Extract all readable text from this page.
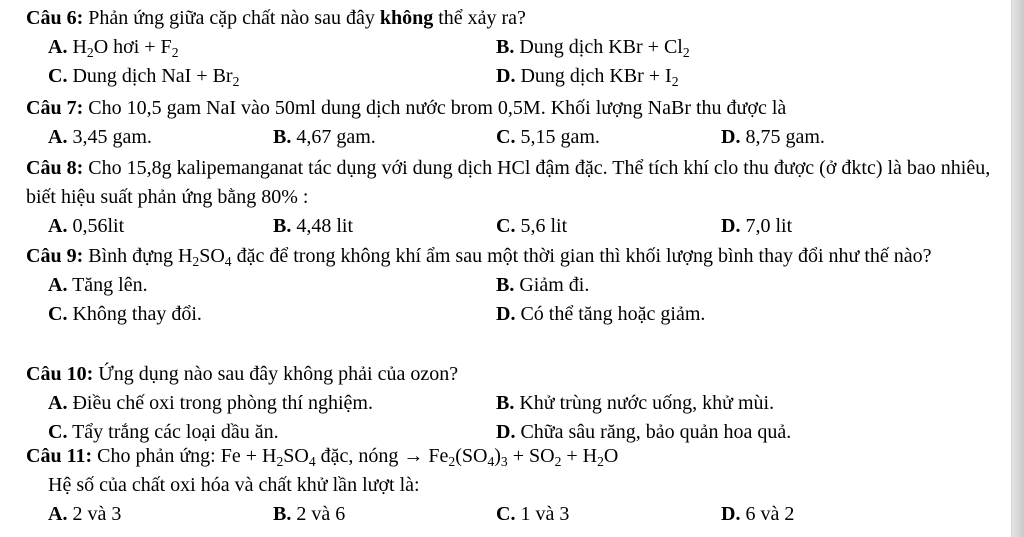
Câu 6: Phản ứng giữa cặp chất nào sau đây không thể xảy ra?
A. $H_2O$ hơi + $F_2$	B. Dung dịch KBr + $Cl_2$
C. Dung dịch NaI + $Br_2$	D. Dung dịch KBr + $I_2$
Câu 7: Cho 10,5 gam NaI vào 50ml dung dịch nước brom 0,5M. Khối lượng NaBr thu được là
A. 3,45 gam.	B. 4,67 gam.	C. 5,15 gam.	D. 8,75 gam.
Câu 8: Cho 15,8g kalipemanganat tác dụng với dung dịch HCl đậm đặc. Thể tích khí clo thu được (ở đktc) là bao nhiêu, biết hiệu suất phản ứng bằng 80% :
A. 0,56lit	B. 4,48 lit	C. 5,6 lit	D. 7,0 lit
Câu 9: Bình đựng $H_2SO_4$ đặc để trong không khí ẩm sau một thời gian thì khối lượng bình thay đổi như thế nào?
A. Tăng lên.	B. Giảm đi.
C. Không thay đổi.	D. Có thể tăng hoặc giảm.
Câu 10: Ứng dụng nào sau đây không phải của ozon?
A. Điều chế oxi trong phòng thí nghiệm.	B. Khử trùng nước uống, khử mùi.
C. Tẩy trắng các loại dầu ăn.	D. Chữa sâu răng, bảo quản hoa quả.
Câu 11: Cho phản ứng: $Fe + H_2SO_4$ đặc, nóng → $Fe_2(SO_4)_3 + SO_2 + H_2O$
Hệ số của chất oxi hóa và chất khử lần lượt là:
A. 2 và 3	B. 2 và 6	C. 1 và 3	D. 6 và 2
